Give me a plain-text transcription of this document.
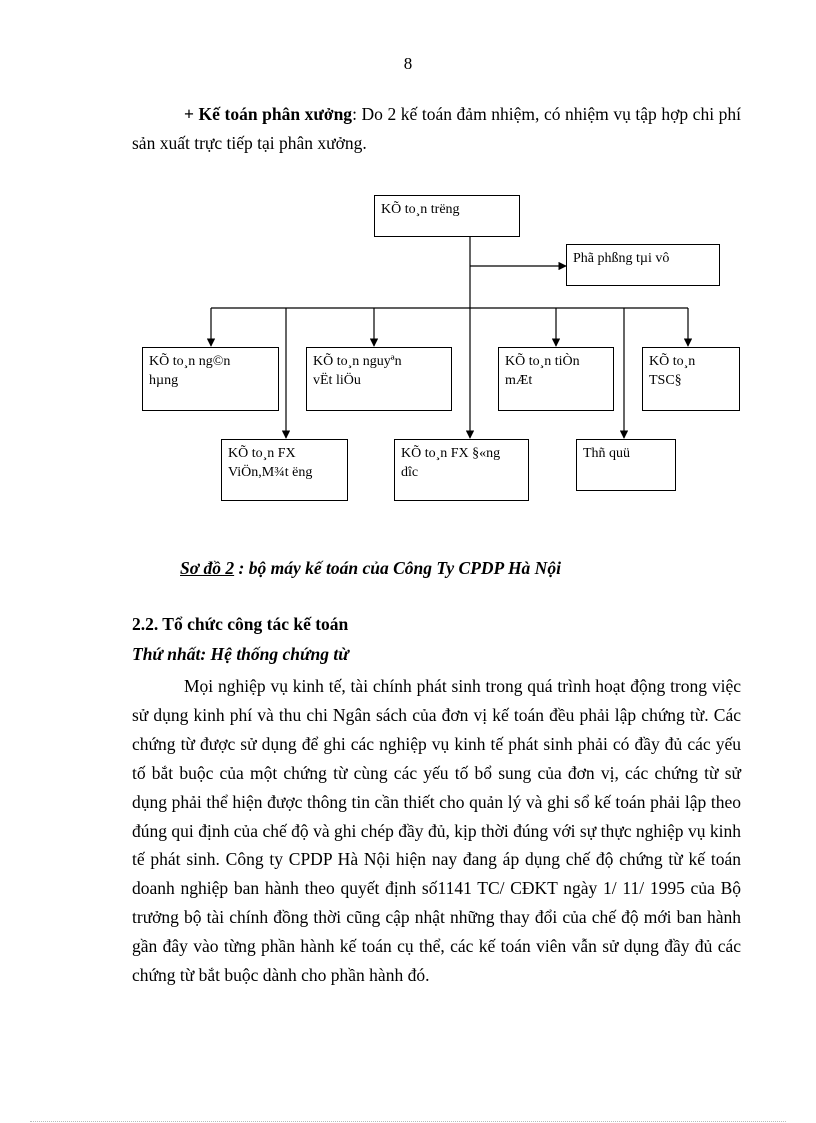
8
+ Kế toán phân xưởng: Do 2 kế toán đảm nhiệm, có nhiệm vụ tập hợp chi phí sản xuất trực tiếp tại phân xưởng.
KÕ to¸n trëng
Phã phßng tµi vô
KÕ to¸n ng©n
hµng
KÕ to¸n nguyªn
vËt liÖu
KÕ to¸n tiÒn
mÆt
KÕ to¸n
TSC§
KÕ to¸n FX
ViÖn,M¾t ëng
KÕ to¸n FX §«ng
dîc
Thñ quü
Sơ đồ 2 : bộ máy kế toán của Công Ty CPDP Hà Nội
2.2. Tổ chức công tác kế toán
Thứ nhất: Hệ thống chứng từ
Mọi nghiệp vụ kinh tế, tài chính phát sinh trong quá trình hoạt động trong việc sử dụng kinh phí và thu chi Ngân sách của đơn vị kế toán đều phải lập chứng từ. Các chứng từ được sử dụng để ghi các nghiệp vụ kinh tế phát sinh phải có đầy đủ các yếu tố bắt buộc của một chứng từ cùng các yếu tố bổ sung của đơn vị, các chứng từ sử dụng phải thể hiện được thông tin cần thiết cho quản lý và ghi sổ kế toán phải lập theo đúng qui định của chế độ và ghi chép đầy đủ, kịp thời đúng với sự thực nghiệp vụ kinh tế phát sinh. Công ty CPDP Hà Nội hiện nay đang áp dụng chế độ chứng từ kế toán doanh nghiệp ban hành theo quyết định số1141 TC/ CĐKT ngày 1/ 11/ 1995 của Bộ trưởng bộ tài chính đồng thời cũng cập nhật những thay đổi của chế độ mới ban hành gần đây vào từng phần hành kế toán cụ thể, các kế toán viên vẫn sử dụng đầy đủ các chứng từ bắt buộc dành cho phần hành đó.
